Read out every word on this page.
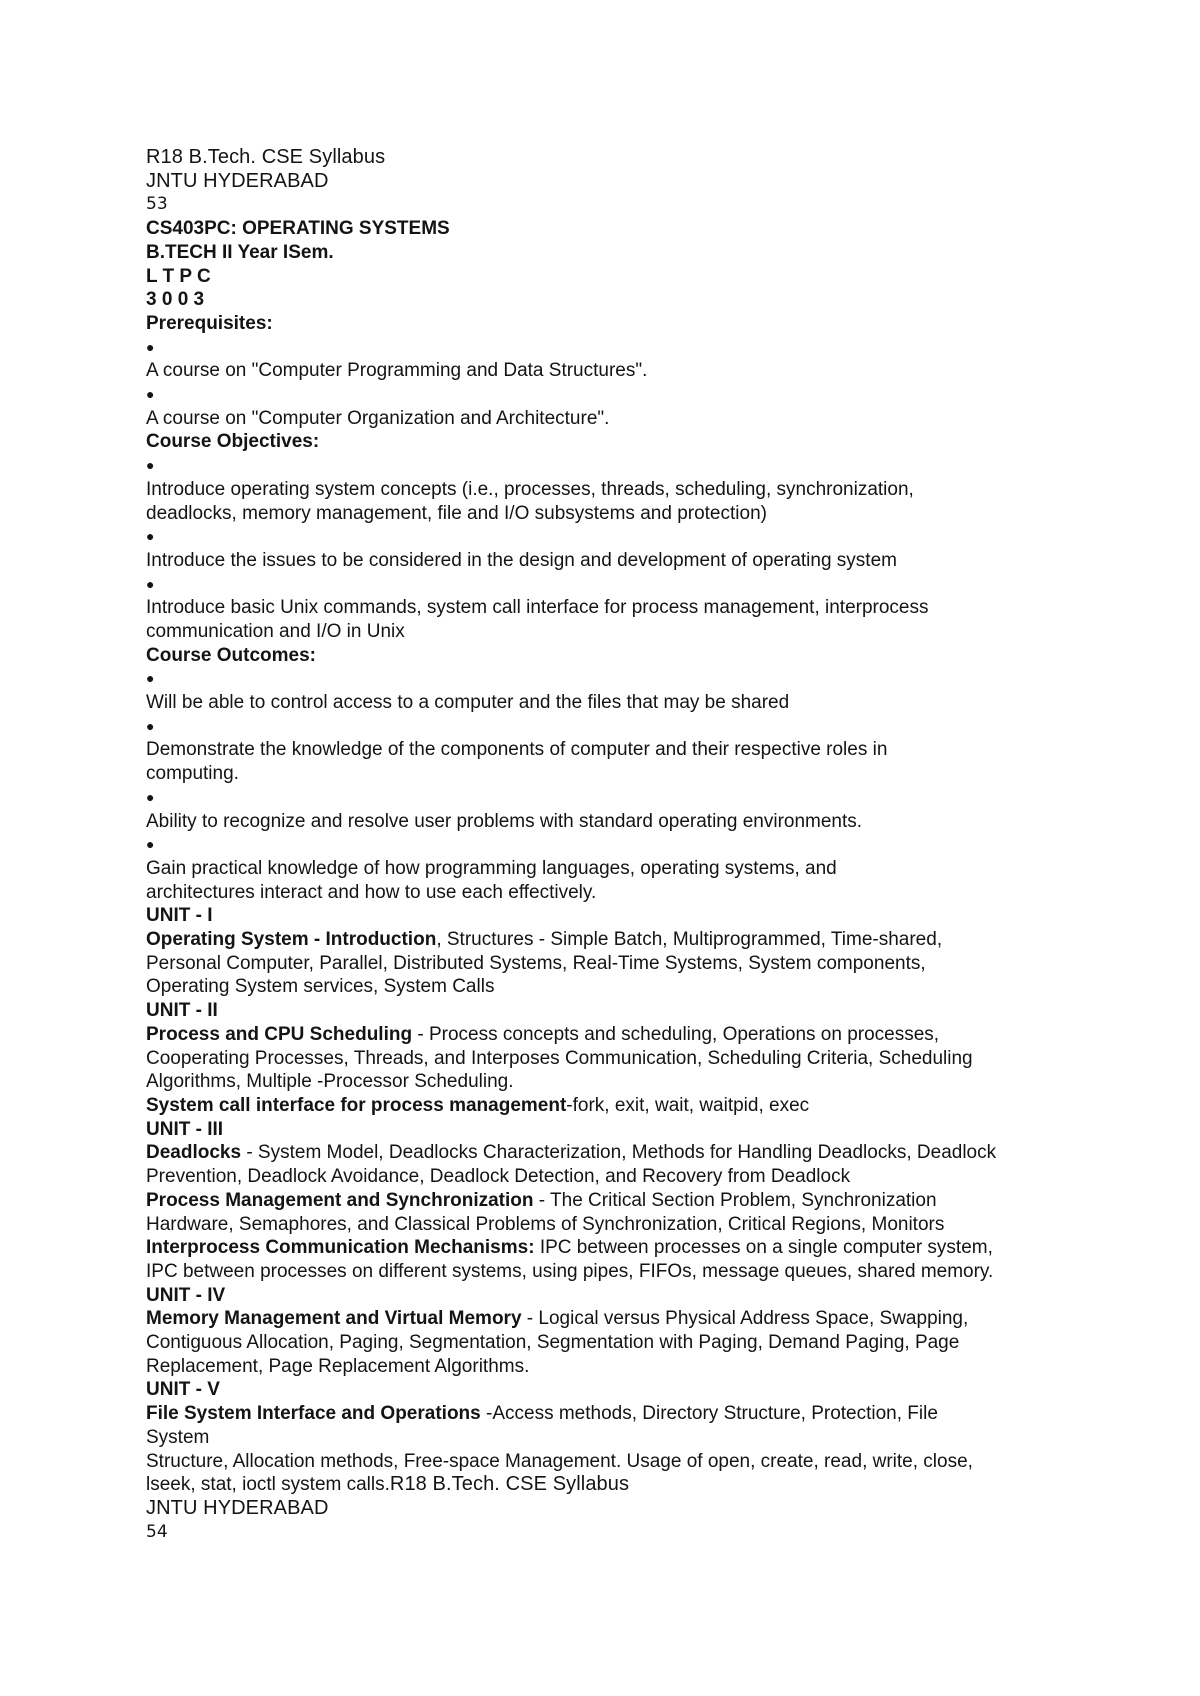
R18 B.Tech. CSE Syllabus
JNTU HYDERABAD
53
CS403PC: OPERATING SYSTEMS
B.TECH II Year ISem.
L T P C
3 0 0 3
Prerequisites:
●
A course on "Computer Programming and Data Structures".
●
A course on "Computer Organization and Architecture".
Course Objectives:
●
Introduce operating system concepts (i.e., processes, threads, scheduling, synchronization,
deadlocks, memory management, file and I/O subsystems and protection)
●
Introduce the issues to be considered in the design and development of operating system
●
Introduce basic Unix commands, system call interface for process management, interprocess
communication and I/O in Unix
Course Outcomes:
●
Will be able to control access to a computer and the files that may be shared
●
Demonstrate the knowledge of the components of computer and their respective roles in
computing.
●
Ability to recognize and resolve user problems with standard operating environments.
●
Gain practical knowledge of how programming languages, operating systems, and
architectures interact and how to use each effectively.
UNIT - I
Operating System - Introduction, Structures - Simple Batch, Multiprogrammed, Time-shared,
Personal Computer, Parallel, Distributed Systems, Real-Time Systems, System components,
Operating System services, System Calls
UNIT - II
Process and CPU Scheduling - Process concepts and scheduling, Operations on processes,
Cooperating Processes, Threads, and Interposes Communication, Scheduling Criteria, Scheduling
Algorithms, Multiple -Processor Scheduling.
System call interface for process management-fork, exit, wait, waitpid, exec
UNIT - III
Deadlocks - System Model, Deadlocks Characterization, Methods for Handling Deadlocks, Deadlock
Prevention, Deadlock Avoidance, Deadlock Detection, and Recovery from Deadlock
Process Management and Synchronization - The Critical Section Problem, Synchronization
Hardware, Semaphores, and Classical Problems of Synchronization, Critical Regions, Monitors
Interprocess Communication Mechanisms: IPC between processes on a single computer system,
IPC between processes on different systems, using pipes, FIFOs, message queues, shared memory.
UNIT - IV
Memory Management and Virtual Memory - Logical versus Physical Address Space, Swapping,
Contiguous Allocation, Paging, Segmentation, Segmentation with Paging, Demand Paging, Page
Replacement, Page Replacement Algorithms.
UNIT - V
File System Interface and Operations -Access methods, Directory Structure, Protection, File
System
Structure, Allocation methods, Free-space Management. Usage of open, create, read, write, close,
lseek, stat, ioctl system calls.R18 B.Tech. CSE Syllabus
JNTU HYDERABAD
54
